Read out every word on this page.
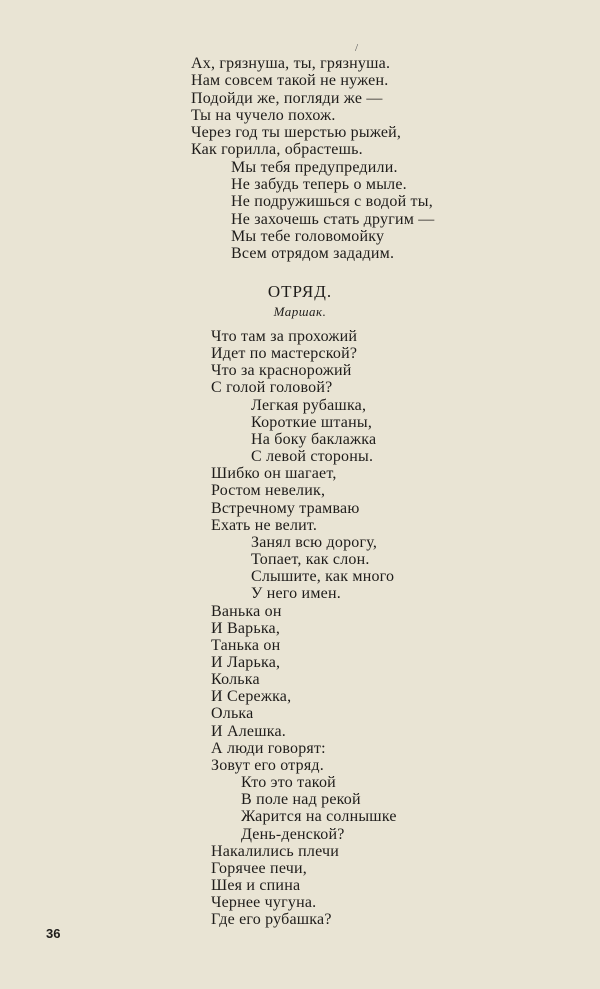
/
Ах, грязнуша, ты, грязнуша.
Нам совсем такой не нужен.
Подойди же, погляди же —
Ты на чучело похож.
Через год ты шерстью рыжей,
Как горилла, обрастешь.
Мы тебя предупредили.
Не забудь теперь о мыле.
Не подружишься с водой ты,
Не захочешь стать другим —
Мы тебе головомойку
Всем отрядом зададим.
ОТРЯД.
Маршак.
Что там за прохожий
Идет по мастерской?
Что за краснорожий
С голой головой?
Легкая рубашка,
Короткие штаны,
На боку баклажка
С левой стороны.
Шибко он шагает,
Ростом невелик,
Встречному трамваю
Ехать не велит.
Занял всю дорогу,
Топает, как слон.
Слышите, как много
У него имен.
Ванька он
И Варька,
Танька он
И Ларька,
Колька
И Сережка,
Олька
И Алешка.
А люди говорят:
Зовут его отряд.
Кто это такой
В поле над рекой
Жарится на солнышке
День-денской?
Накалились плечи
Горячее печи,
Шея и спина
Чернее чугуна.
Где его рубашка?
36
